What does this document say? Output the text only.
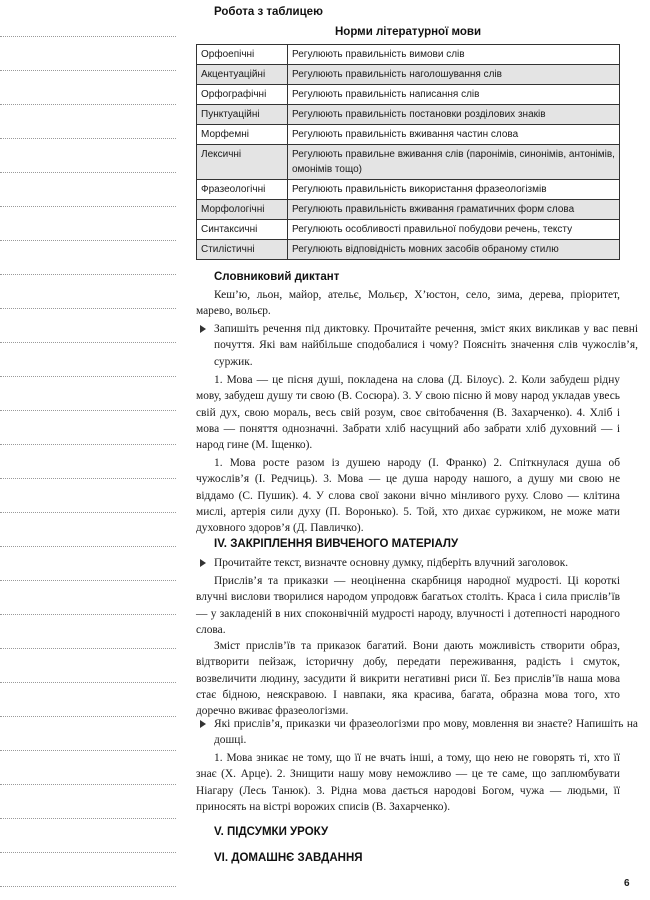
Робота з таблицею
Норми літературної мови
Орфоепічні	Регулюють правильність вимови слів
Акцентуаційні	Регулюють правильність наголошування слів
Орфографічні	Регулюють правильність написання слів
Пунктуаційні	Регулюють правильність постановки розділових знаків
Морфемні	Регулюють правильність вживання частин слова
Лексичні	Регулюють правильне вживання слів (паронімів, синонімів, антонімів, омонімів тощо)
Фразеологічні	Регулюють правильність використання фразеологізмів
Морфологічні	Регулюють правильність вживання граматичних форм слова
Синтаксичні	Регулюють особливості правильної побудови речень, тексту
Стилістичні	Регулюють відповідність мовних засобів обраному стилю
Словниковий диктант

Кеш’ю, льон, майор, ательє, Мольєр, Х’юстон, село, зима, дерева, пріоритет, марево, вольєр.

Запишіть речення під диктовку. Прочитайте речення, зміст яких викликав у вас певні почуття. Які вам найбільше сподобалися і чому? Поясніть значення слів чужослів’я, суржик.

1. Мова — це пісня душі, покладена на слова (Д. Білоус). 2. Коли забудеш рідну мову, забудеш душу ти свою (В. Сосюра). 3. У свою пісню й мову народ укладав увесь свій дух, свою мораль, весь свій розум, своє світобачення (В. Захарченко). 4. Хліб і мова — поняття однозначні. Забрати хліб насущний або забрати хліб духовний — і народ гине (М. Іщенко).

1. Мова росте разом із душею народу (І. Франко) 2. Спіткнулася душа об чужослів’я (І. Редчиць). 3. Мова — це душа народу нашого, а душу ми свою не віддамо (С. Пушик). 4. У слова свої закони вічно мінливого руху. Слово — клітина мислі, артерія сили духу (П. Воронько). 5. Той, хто дихає суржиком, не може мати духовного здоров’я (Д. Павличко).

IV. ЗАКРІПЛЕННЯ ВИВЧЕНОГО МАТЕРІАЛУ
Прочитайте текст, визначте основну думку, підберіть влучний заголовок.

Прислів’я та приказки — неоціненна скарбниця народної мудрості. Ці короткі влучні вислови творилися народом упродовж багатьох століть. Краса і сила прислів’їв — у закладеній в них споконвічній мудрості народу, влучності і дотепності народного слова.

Зміст прислів’їв та приказок багатий. Вони дають можливість створити образ, відтворити пейзаж, історичну добу, передати переживання, радість і смуток, возвеличити людину, засудити й викрити негативні риси її. Без прислів’їв наша мова стає бідною, неяскравою. І навпаки, яка красива, багата, образна мова того, хто доречно вживає фразеологізми.

Які прислів’я, приказки чи фразеологізми про мову, мовлення ви знаєте? Напишіть на дошці.

1. Мова зникає не тому, що її не вчать інші, а тому, що нею не говорять ті, хто її знає (Х. Арце). 2. Знищити нашу мову неможливо — це те саме, що заплюмбувати Ніагару (Лесь Танюк). 3. Рідна мова дається народові Богом, чужа — людьми, її приносять на вістрі ворожих списів (В. Захарченко).

V. ПІДСУМКИ УРОКУ
VI. ДОМАШНЄ ЗАВДАННЯ
6
